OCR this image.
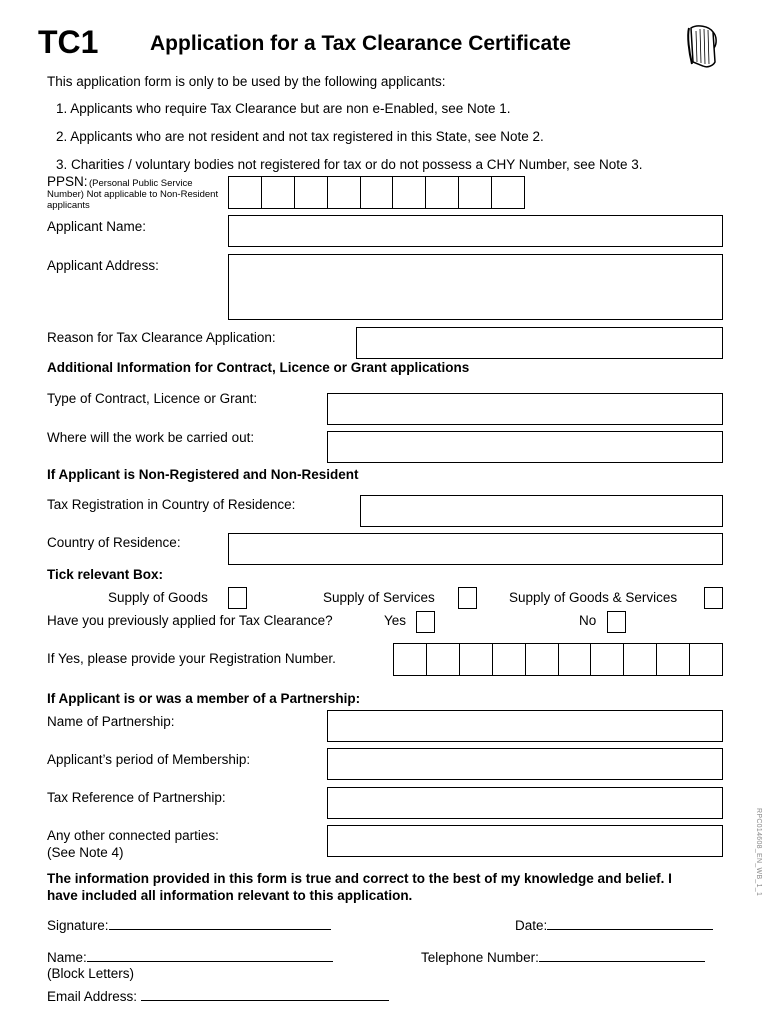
TC1 Application for a Tax Clearance Certificate
This application form is only to be used by the following applicants:
1. Applicants who require Tax Clearance but are non e-Enabled, see Note 1.
2. Applicants who are not resident and not tax registered in this State, see Note 2.
3. Charities / voluntary bodies not registered for tax or do not possess a CHY Number, see Note 3.
PPSN: (Personal Public Service Number) Not applicable to Non-Resident applicants
Applicant Name:
Applicant Address:
Reason for Tax Clearance Application:
Additional Information for Contract, Licence or Grant applications
Type of Contract, Licence or Grant:
Where will the work be carried out:
If Applicant is Non-Registered and Non-Resident
Tax Registration in Country of Residence:
Country of Residence:
Tick relevant Box:
Supply of Goods	Supply of Services	Supply of Goods & Services
Have you previously applied for Tax Clearance?	Yes	No
If Yes, please provide your Registration Number.
If Applicant is or was a member of a Partnership:
Name of Partnership:
Applicant’s period of Membership:
Tax Reference of Partnership:
Any other connected parties:
(See Note 4)
The information provided in this form is true and correct to the best of my knowledge and belief. I have included all information relevant to this application.
Signature:	Date:
Name:
(Block Letters)
Telephone Number:
Email Address:
RPC014608_EN_WB_1_1
